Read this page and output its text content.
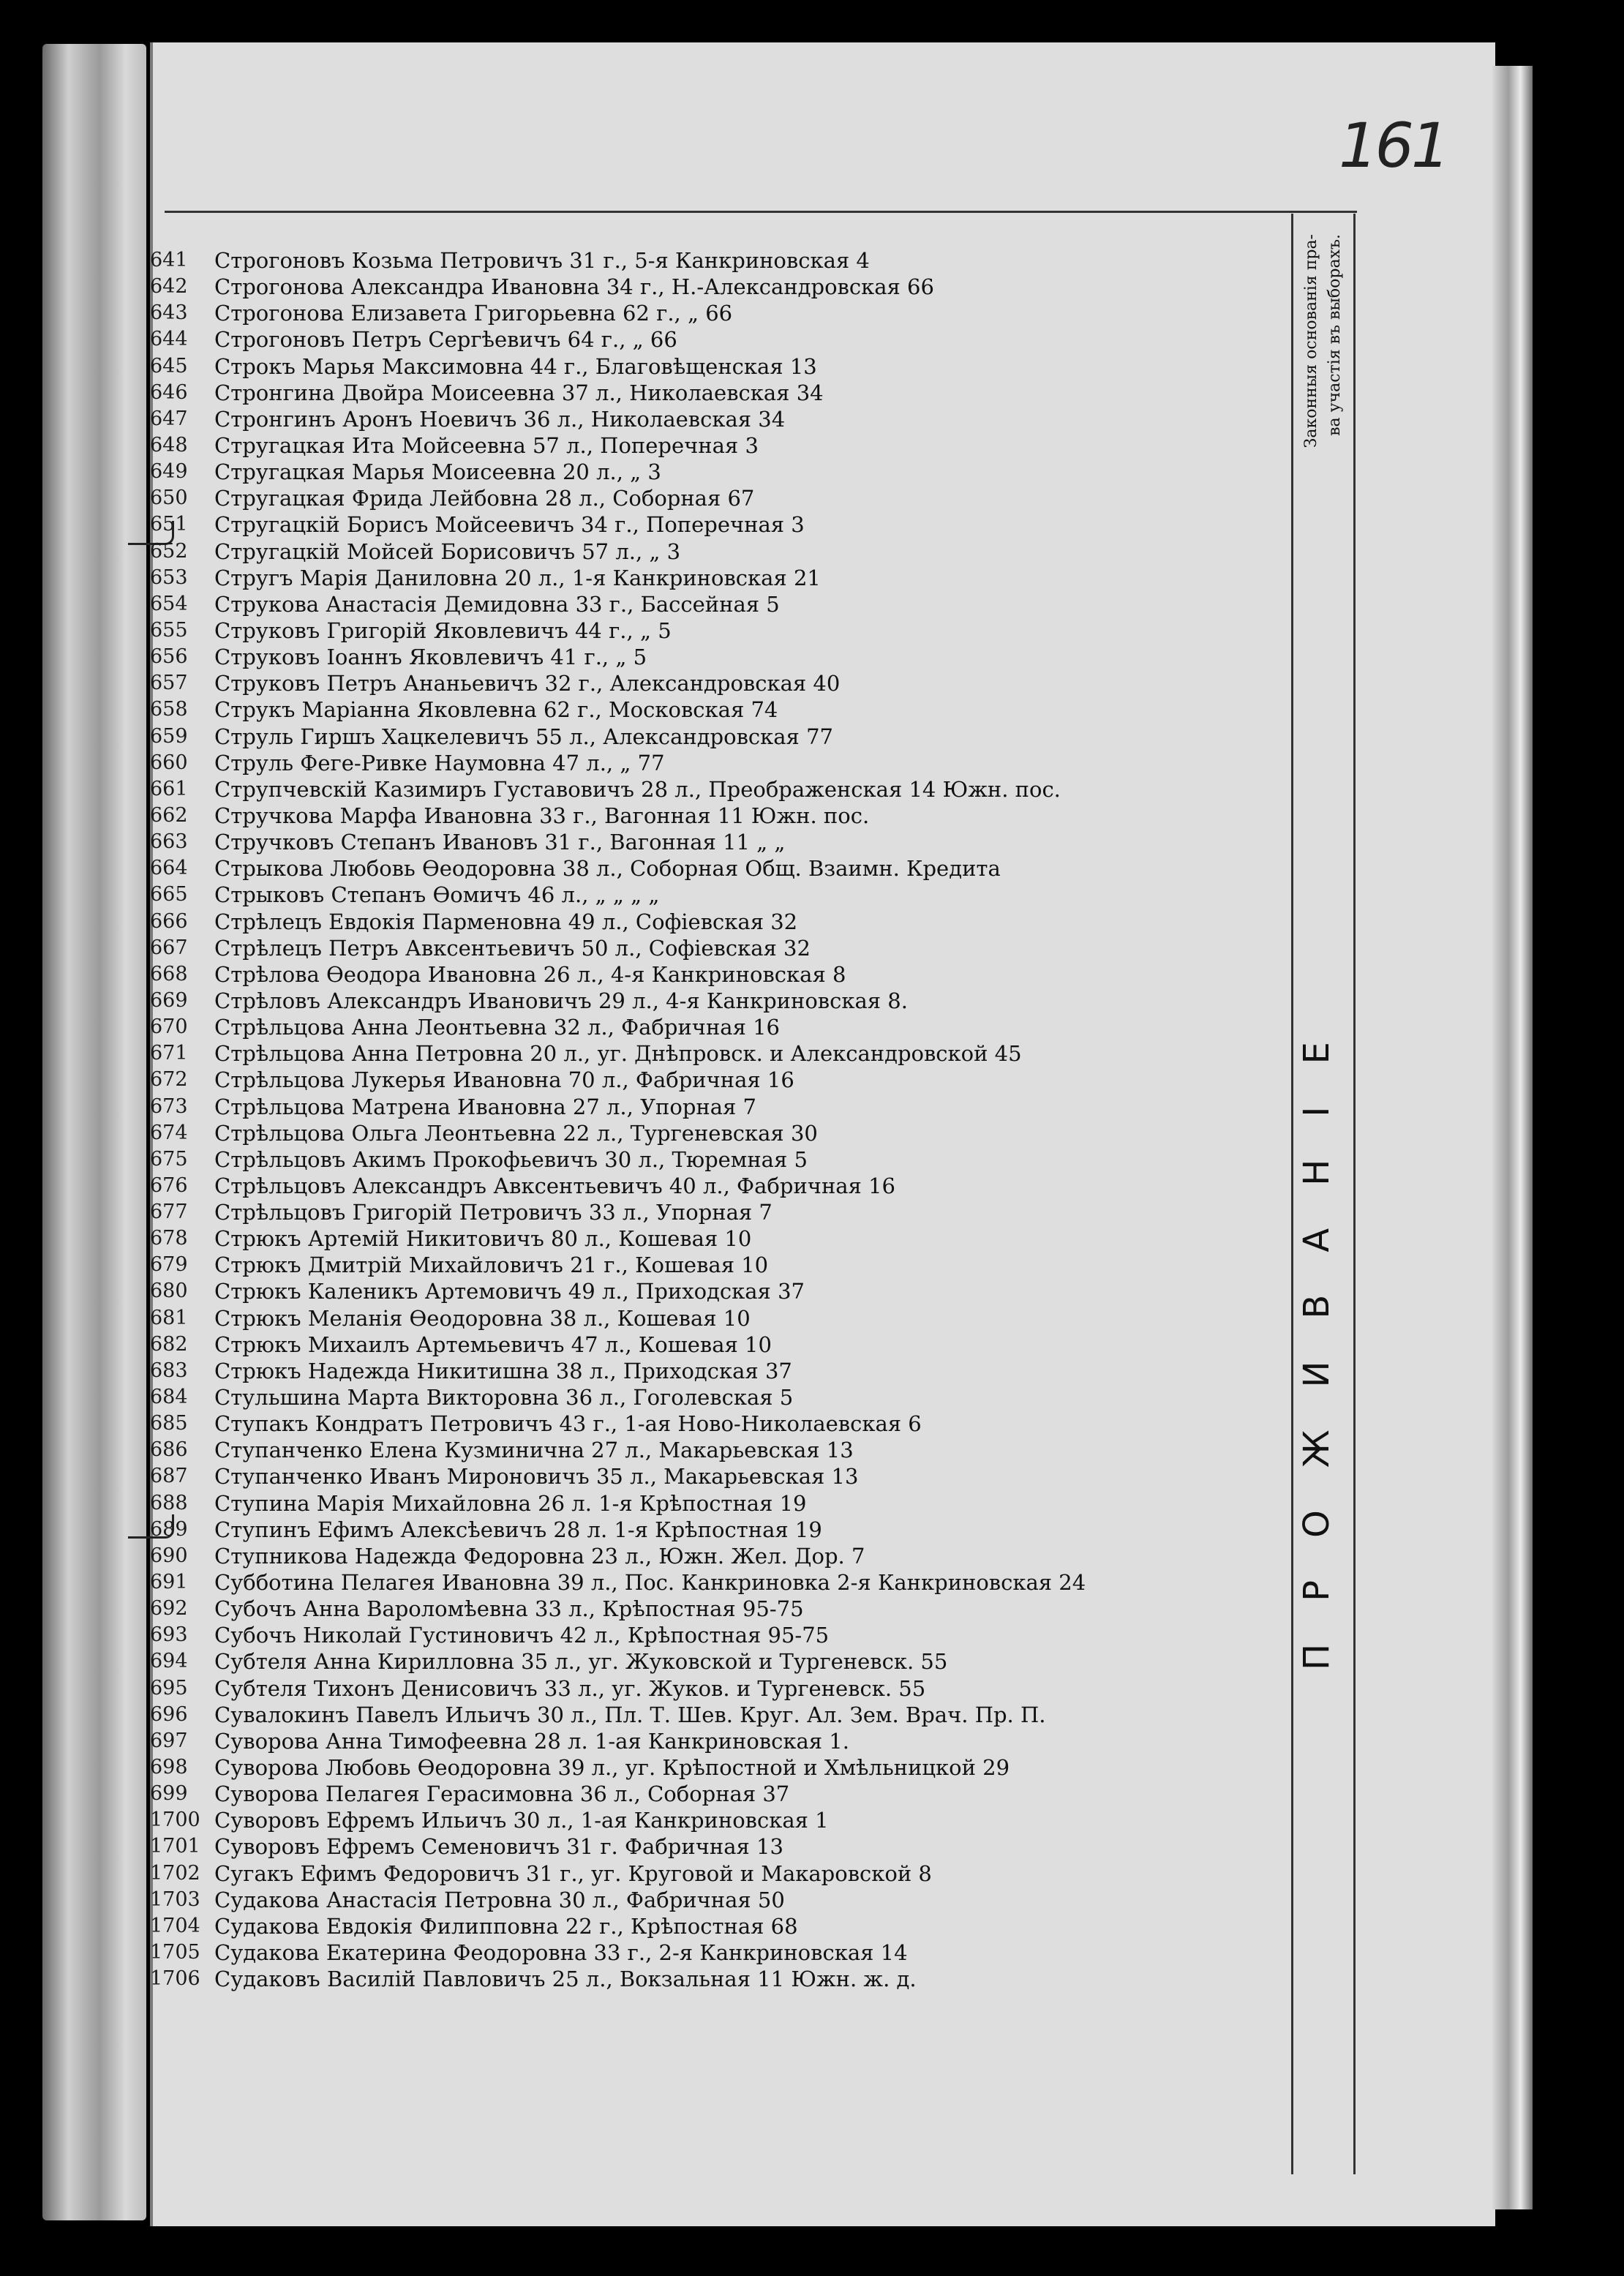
161
Законныя основанія пра- ва участія въ выборахъ.
ПРОЖИВАНІЕ
641	Строгоновъ Козьма Петровичъ 31 г., 5-я Канкриновская 4
642	Строгонова Александра Ивановна 34 г., Н.-Александровская 66
643	Строгонова Елизавета Григорьевна 62 г., „ 66
644	Строгоновъ Петръ Сергѣевичъ 64 г., „ 66
645	Строкъ Марья Максимовна 44 г., Благовѣщенская 13
646	Стронгина Двойра Моисеевна 37 л., Николаевская 34
647	Стронгинъ Аронъ Ноевичъ 36 л., Николаевская 34
648	Стругацкая Ита Мойсеевна 57 л., Поперечная 3
649	Стругацкая Марья Моисеевна 20 л., „ 3
650	Стругацкая Фрида Лейбовна 28 л., Соборная 67
651	Стругацкій Борисъ Мойсеевичъ 34 г., Поперечная 3
652	Стругацкій Мойсей Борисовичъ 57 л., „ 3
653	Стругъ Марія Даниловна 20 л., 1-я Канкриновская 21
654	Струкова Анастасія Демидовна 33 г., Бассейная 5
655	Струковъ Григорій Яковлевичъ 44 г., „ 5
656	Струковъ Іоаннъ Яковлевичъ 41 г., „ 5
657	Струковъ Петръ Ананьевичъ 32 г., Александровская 40
658	Струкъ Маріанна Яковлевна 62 г., Московская 74
659	Струль Гиршъ Хацкелевичъ 55 л., Александровская 77
660	Струль Феге-Ривке Наумовна 47 л., „ 77
661	Струпчевскій Казимиръ Густавовичъ 28 л., Преображенская 14 Южн. пос.
662	Стручкова Марфа Ивановна 33 г., Вагонная 11 Южн. пос.
663	Стручковъ Степанъ Ивановъ 31 г., Вагонная 11 „ „
664	Стрыкова Любовь Ѳеодоровна 38 л., Соборная Общ. Взаимн. Кредита
665	Стрыковъ Степанъ Ѳомичъ 46 л., „ „ „ „
666	Стрѣлецъ Евдокія Пармeновна 49 л., Софіевская 32
667	Стрѣлецъ Петръ Авксентьевичъ 50 л., Софіевская 32
668	Стрѣлова Ѳеодора Ивановна 26 л., 4-я Канкриновская 8
669	Стрѣловъ Александръ Ивановичъ 29 л., 4-я Канкриновская 8.
670	Стрѣльцова Анна Леонтьевна 32 л., Фабричная 16
671	Стрѣльцова Анна Петровна 20 л., уг. Днѣпровск. и Александровской 45
672	Стрѣльцова Лукерья Ивановна 70 л., Фабричная 16
673	Стрѣльцова Матрена Ивановна 27 л., Упорная 7
674	Стрѣльцова Ольга Леонтьевна 22 л., Тургеневская 30
675	Стрѣльцовъ Акимъ Прокофьевичъ 30 л., Тюремная 5
676	Стрѣльцовъ Александръ Авксентьевичъ 40 л., Фабричная 16
677	Стрѣльцовъ Григорій Петровичъ 33 л., Упорная 7
678	Стрюкъ Артемій Никитовичъ 80 л., Кошевая 10
679	Стрюкъ Дмитрій Михайловичъ 21 г., Кошевая 10
680	Стрюкъ Калeникъ Артемовичъ 49 л., Приходская 37
681	Стрюкъ Меланія Ѳеодоровна 38 л., Кошевая 10
682	Стрюкъ Михаилъ Артемьевичъ 47 л., Кошевая 10
683	Стрюкъ Надежда Никитишна 38 л., Приходская 37
684	Стульшина Марта Викторовна 36 л., Гоголевская 5
685	Ступакъ Кондратъ Петровичъ 43 г., 1-ая Ново-Николаевская 6
686	Ступанченко Елена Кузминична 27 л., Макарьевская 13
687	Ступанченко Иванъ Мироновичъ 35 л., Макарьевская 13
688	Ступина Марія Михайловна 26 л. 1-я Крѣпостная 19
689	Ступинъ Ефимъ Алексѣевичъ 28 л. 1-я Крѣпостная 19
690	Ступникова Надежда Федоровна 23 л., Южн. Жел. Дор. 7
691	Субботина Пелагея Ивановна 39 л., Пос. Канкриновка 2-я Канкриновская 24
692	Субочъ Анна Вароломѣевна 33 л., Крѣпостная 95-75
693	Субочъ Николай Густиновичъ 42 л., Крѣпостная 95-75
694	Субтеля Анна Кирилловна 35 л., уг. Жуковской и Тургеневск. 55
695	Субтеля Тихонъ Денисовичъ 33 л., уг. Жуков. и Тургеневск. 55
696	Сувалокинъ Павелъ Ильичъ 30 л., Пл. Т. Шев. Круг. Ал. Зем. Врач. Пр. П.
697	Суворова Анна Тимофеевна 28 л. 1-ая Канкриновская 1.
698	Суворова Любовь Ѳеодоровна 39 л., уг. Крѣпостной и Хмѣльницкой 29
699	Суворова Пелагея Герасимовна 36 л., Соборная 37
1700 Суворовъ Ефремъ Ильичъ 30 л., 1-ая Канкриновская 1
1701 Суворовъ Ефремъ Семеновичъ 31 г. Фабричная 13
1702 Сугакъ Ефимъ Федоровичъ 31 г., уг. Круговой и Макаровской 8
1703 Судакова Анастасія Петровна 30 л., Фабричная 50
1704 Судакова Евдокія Филипповна 22 г., Крѣпостная 68
1705 Судакова Екатерина Феодоровна 33 г., 2-я Канкриновская 14
1706 Судаковъ Василій Павловичъ 25 л., Вокзальная 11 Южн. ж. д.
